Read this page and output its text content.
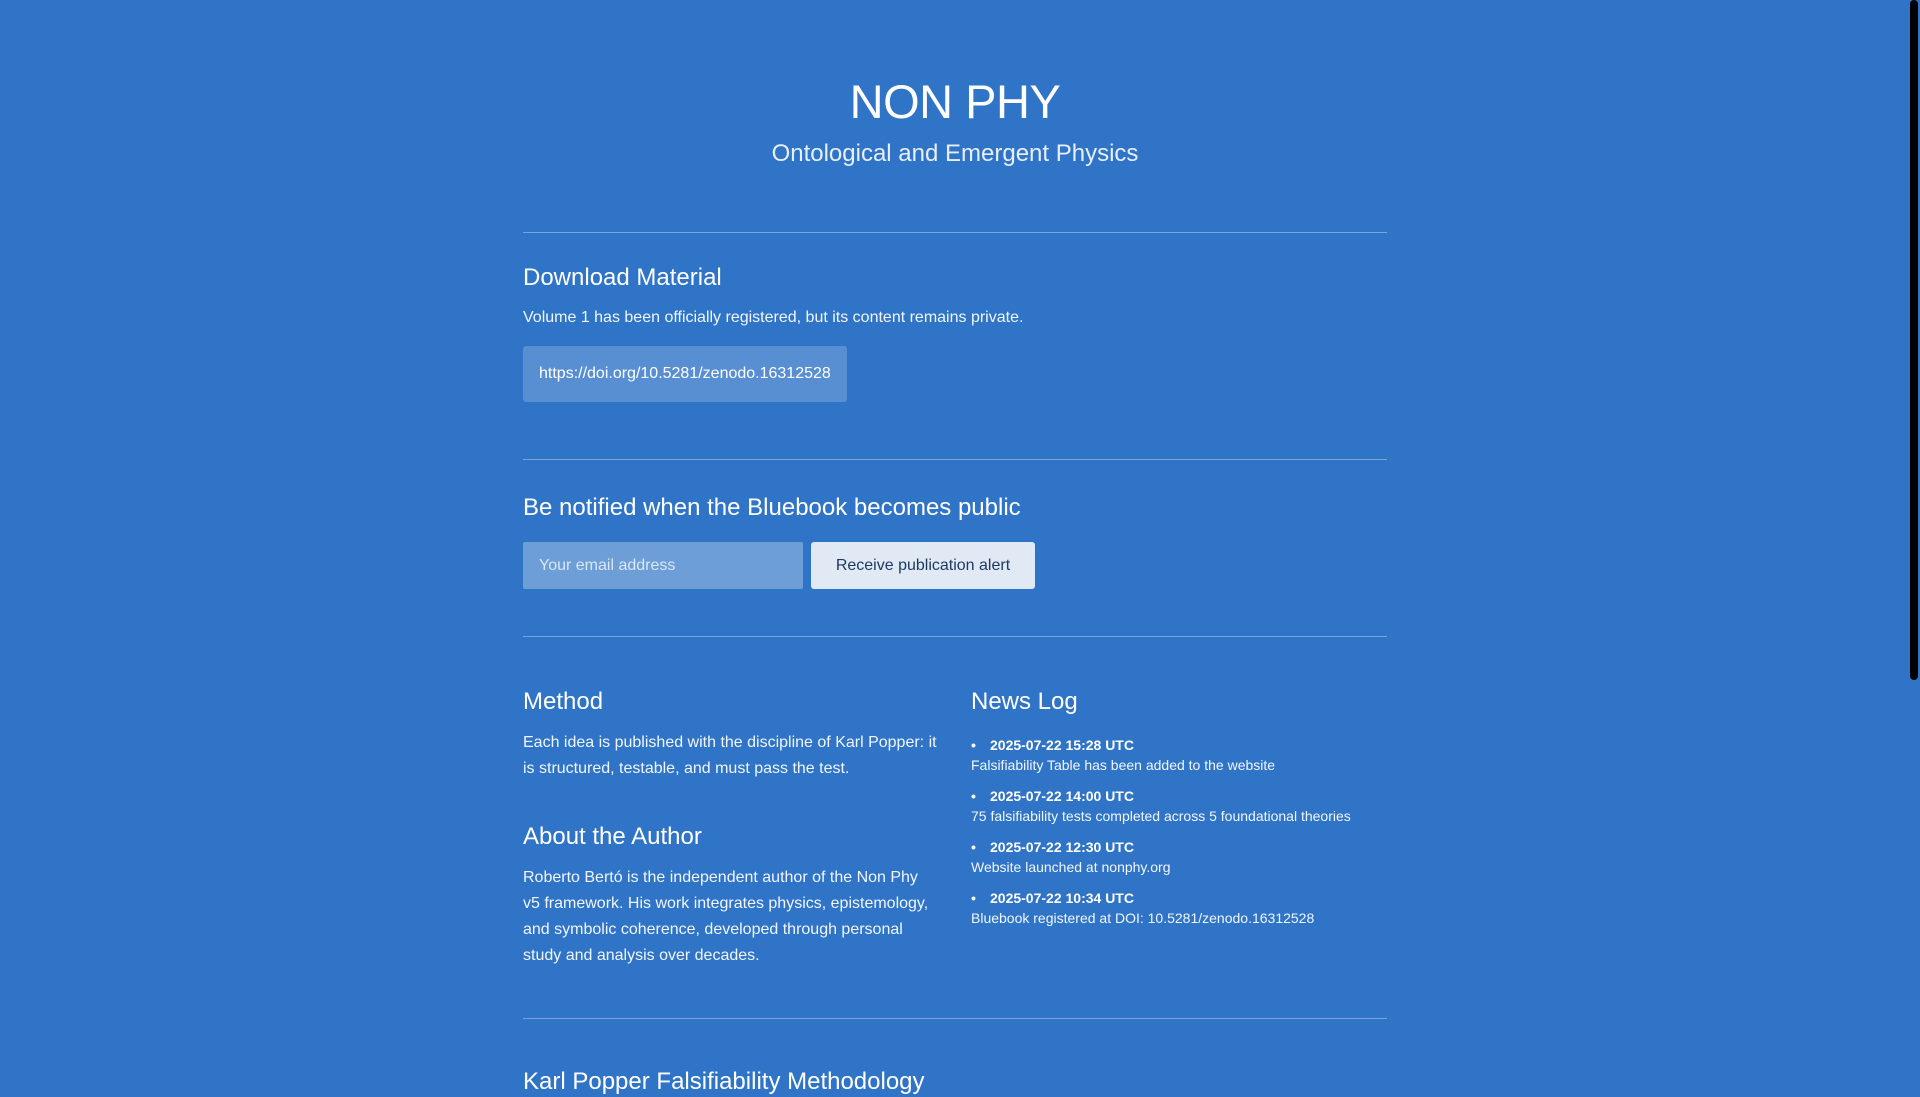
NON PHY

Ontological and Emergent Physics

Download Material

Volume 1 has been officially registered, but its content remains private.

https://doi.org/10.5281/zenodo.16312528
Be notified when the Bluebook becomes public
Your email address
Receive publication alert
Method

Each idea is published with the discipline of Karl Popper: it is structured, testable, and must pass the test.

About the Author

Roberto Bertó is the independent author of the Non Phy v5 framework. His work integrates physics, epistemology, and symbolic coherence, developed through personal study and analysis over decades.

News Log
• 2025-07-22 15:28 UTC
Falsifiability Table has been added to the website
• 2025-07-22 14:00 UTC
75 falsifiability tests completed across 5 foundational theories
• 2025-07-22 12:30 UTC
Website launched at nonphy.org
• 2025-07-22 10:34 UTC
Bluebook registered at DOI: 10.5281/zenodo.16312528
Karl Popper Falsifiability Methodology
